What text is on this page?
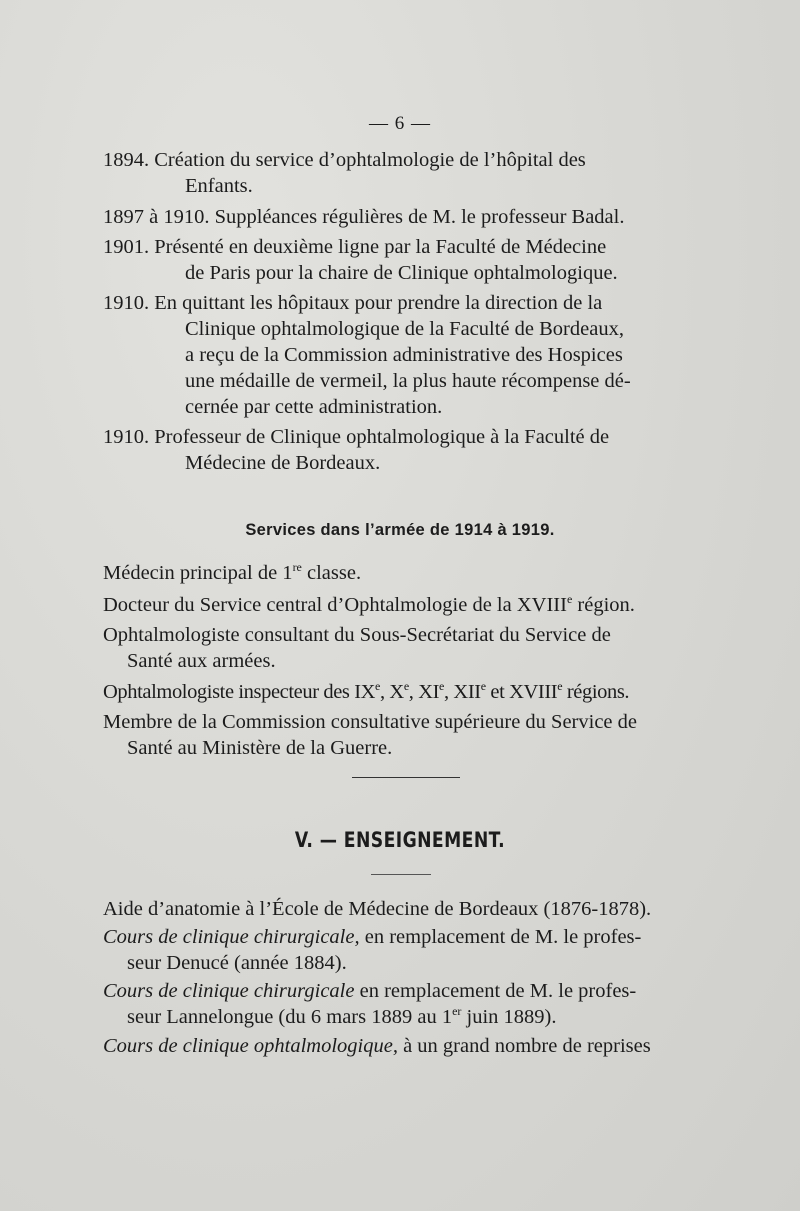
— 6 —
1894. Création du service d’ophtalmologie de l’hôpital des
Enfants.
1897 à 1910. Suppléances régulières de M. le professeur Badal.
1901. Présenté en deuxième ligne par la Faculté de Médecine
de Paris pour la chaire de Clinique ophtalmologique.
1910. En quittant les hôpitaux pour prendre la direction de la
Clinique ophtalmologique de la Faculté de Bordeaux,
a reçu de la Commission administrative des Hospices
une médaille de vermeil, la plus haute récompense dé-
cernée par cette administration.
1910. Professeur de Clinique ophtalmologique à la Faculté de
Médecine de Bordeaux.
Services dans l’armée de 1914 à 1919.
Médecin principal de 1re classe.
Docteur du Service central d’Ophtalmologie de la XVIIIe région.
Ophtalmologiste consultant du Sous-Secrétariat du Service de
Santé aux armées.
Ophtalmologiste inspecteur des IXe, Xe, XIe, XIIe et XVIIIe régions.
Membre de la Commission consultative supérieure du Service de
Santé au Ministère de la Guerre.
V. — ENSEIGNEMENT.
Aide d’anatomie à l’École de Médecine de Bordeaux (1876-1878).
Cours de clinique chirurgicale, en remplacement de M. le profes-
seur Denucé (année 1884).
Cours de clinique chirurgicale en remplacement de M. le profes-
seur Lannelongue (du 6 mars 1889 au 1er juin 1889).
Cours de clinique ophtalmologique, à un grand nombre de reprises
